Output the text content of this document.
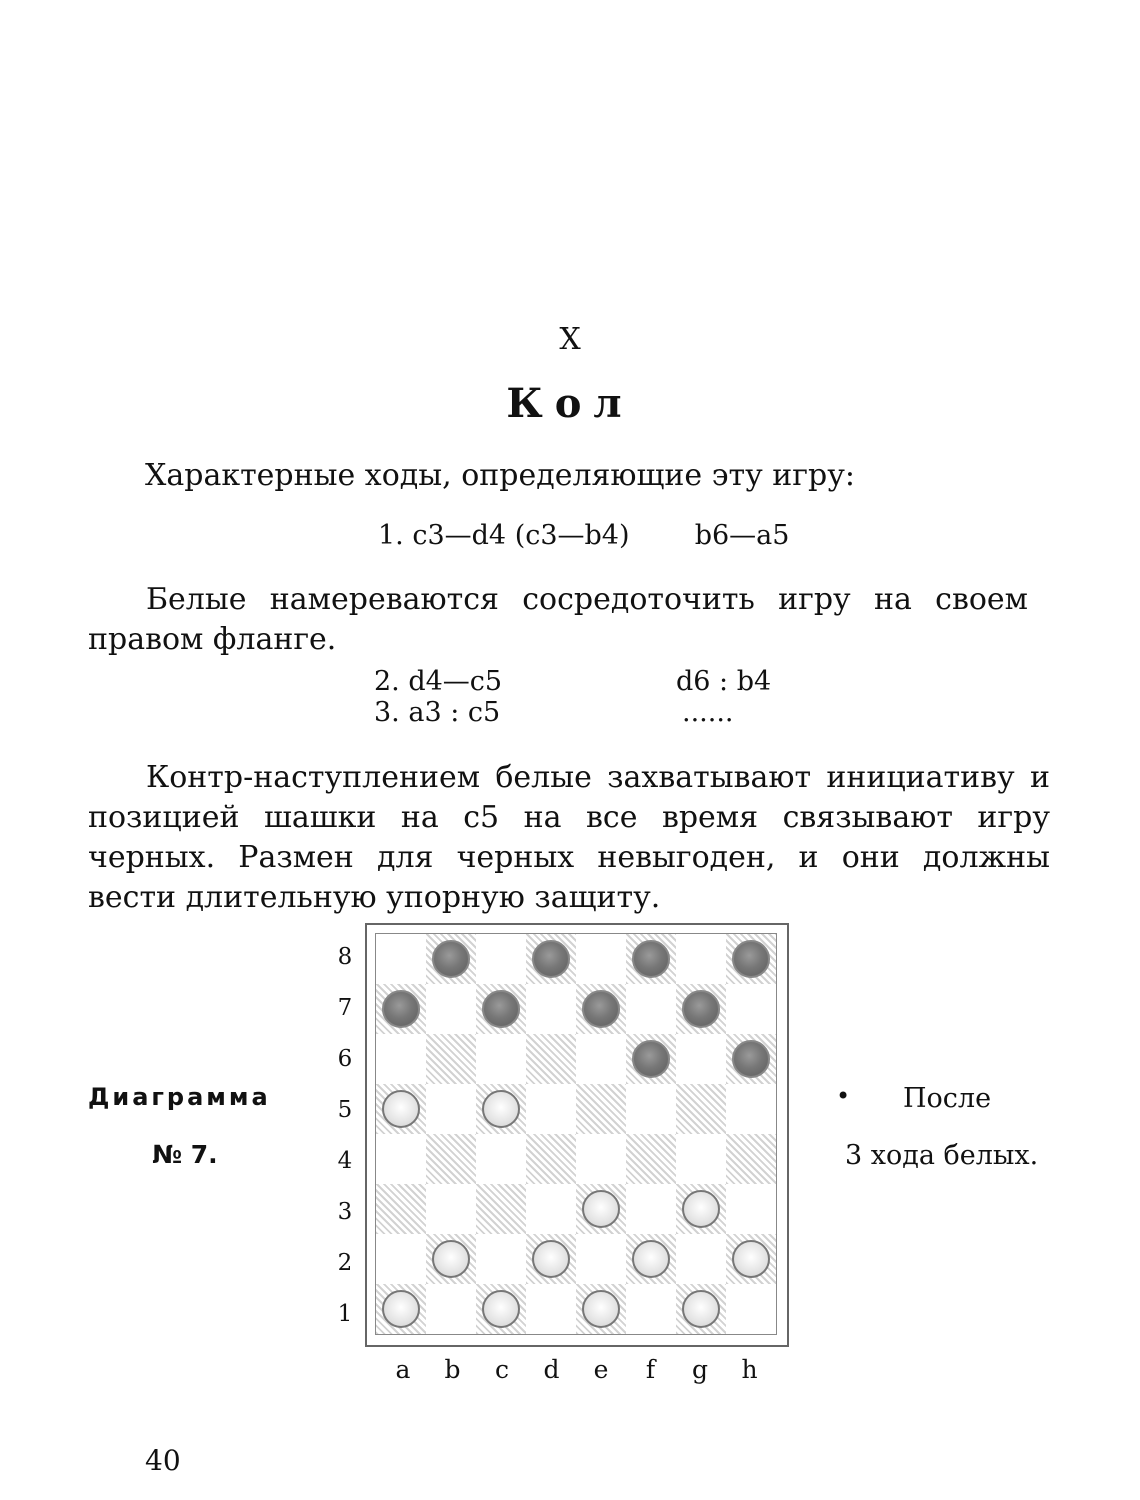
X
Кол
Характерные ходы, определяющие эту игру:
1. с3—d4 (с3—b4) b6—а5
Белые намереваются сосредоточить игру на своем правом фланге.
2. d4—с5	d6 : b4
3. а3 : с5	......
Контр-наступлением белые захватывают инициативу и позицией шашки на с5 на все время связывают игру черных. Размен для черных невыгоден, и они должны вести длительную упорную защиту.
Диаграмма
№ 7.
8
7
6
5
4
3
2
1
a	b	c	d	e	f	g h
• После
3 хода белых.
40
